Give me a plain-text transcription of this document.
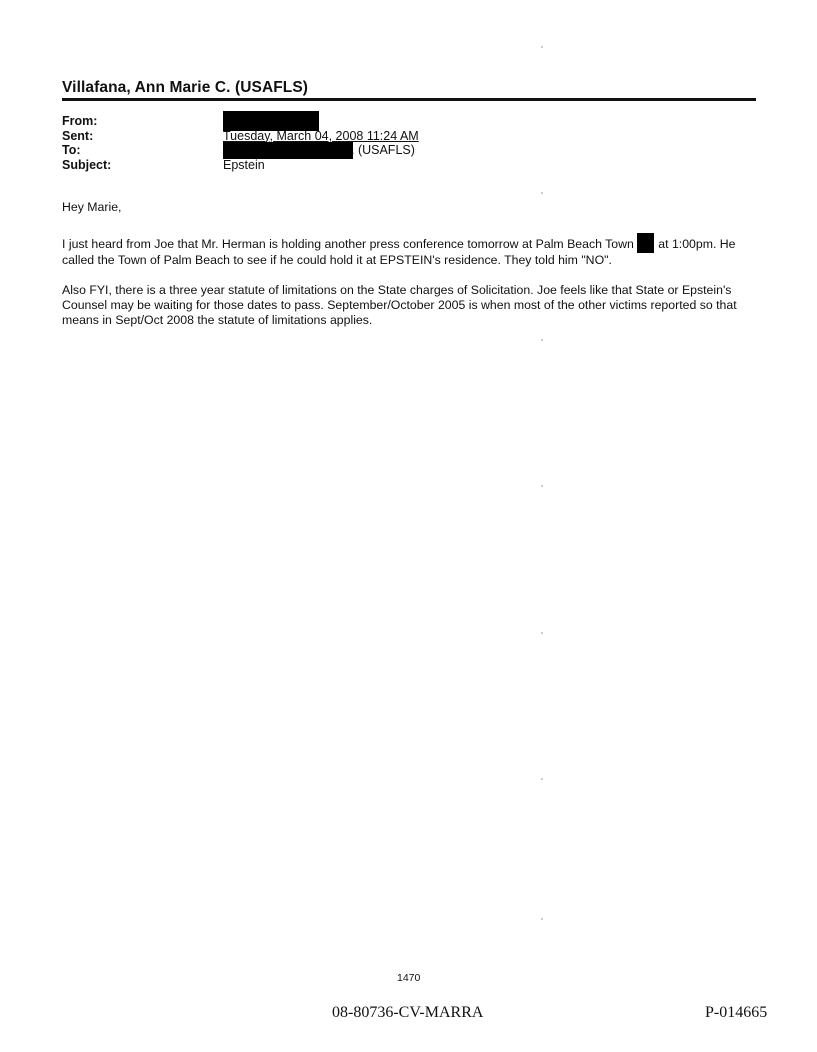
Villafana, Ann Marie C. (USAFLS)
From:
Sent:
To:
Subject:
Tuesday, March 04, 2008 11:24 AM
. (USAFLS)
Epstein

Hey Marie,

I just heard from Joe that Mr. Herman is holding another press conference tomorrow at Palm Beach Town at 1:00pm. He called the Town of Palm Beach to see if he could hold it at EPSTEIN's residence. They told him "NO".

Also FYI, there is a three year statute of limitations on the State charges of Solicitation. Joe feels like that State or Epstein's Counsel may be waiting for those dates to pass. September/October 2005 is when most of the other victims reported so that means in Sept/Oct 2008 the statute of limitations applies.

1470
08-80736-CV-MARRA	P-014665
